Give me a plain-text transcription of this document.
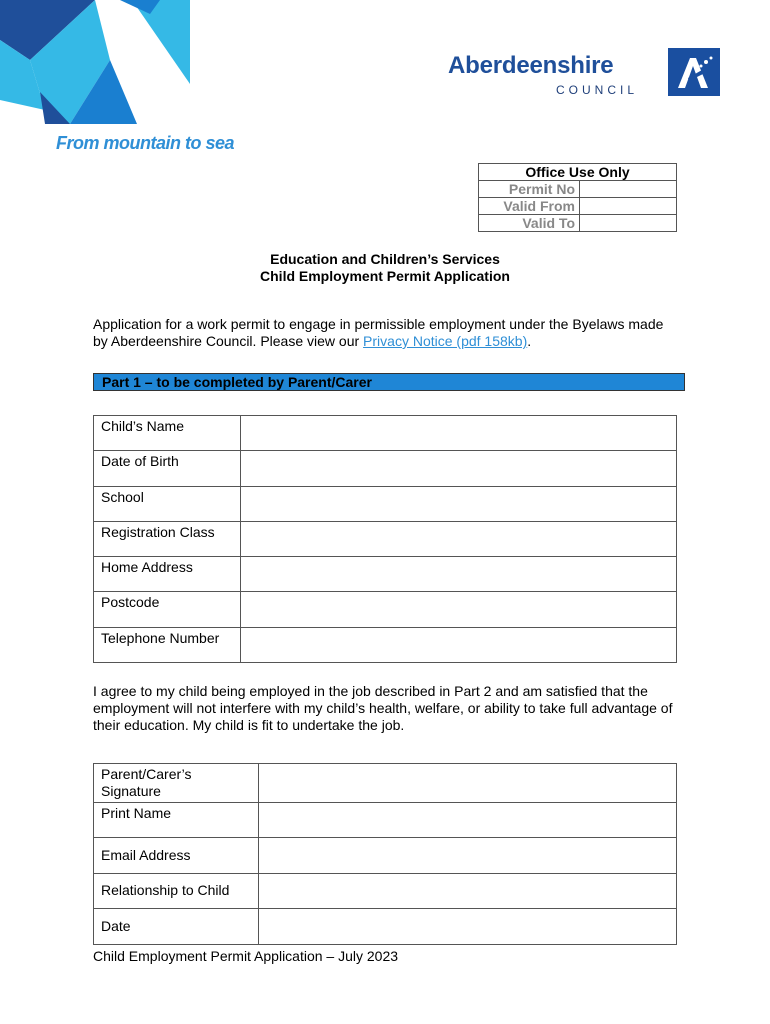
From mountain to sea
Aberdeenshire
COUNCIL
Office Use Only	
Permit No	
Valid From	
Valid To	
Education and Children’s Services
Child Employment Permit Application
Application for a work permit to engage in permissible employment under the Byelaws made by Aberdeenshire Council. Please view our Privacy Notice (pdf 158kb).
Part 1 – to be completed by Parent/Carer
Child’s Name	
Date of Birth	
School	
Registration Class	
Home Address	
Postcode	
Telephone Number	
I agree to my child being employed in the job described in Part 2 and am satisfied that the employment will not interfere with my child’s health, welfare, or ability to take full advantage of their education. My child is fit to undertake the job.
Parent/Carer’s Signature	
Print Name	
Email Address	
Relationship to Child	
Date	
Child Employment Permit Application – July 2023
